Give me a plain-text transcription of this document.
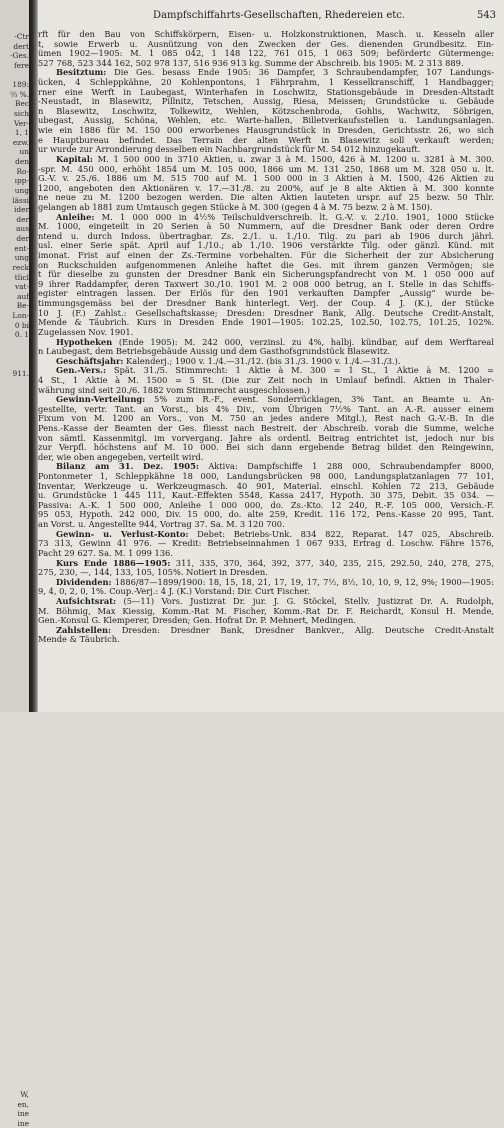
-Ctr
dert
-Ges.
fere
189:
⅔ %.
Bec
sich
Ver-
1, 1
ezw.
un
den
Ro-
ıpp-
ung
lässi
ider
der
aus
der
ent-
ung
reck
tlicl
vat-
auf
Be-
Lon-
0 bi
0. 1
911.
W,
en,
ine
ine
Dampfschiffahrts-Gesellschaften, Rhedereien etc.	543
rft für den Bau von Schiffskörpern, Eisen- u. Holzkonstruktionen, Masch. u. Kesseln aller
t, sowie Erwerb u. Ausnützung von den Zwecken der Ges. dienenden Grundbesitz. Ein-
ümen 1902—1905: M. 1 085 042, 1 148 122, 761 015, 1 063 509; befördertc Gütermenge:
527 768, 523 344 162, 502 978 137, 516 936 913 kg. Summe der Abschreib. bis 1905: M. 2 313 889.
Besitztum: Die Ges. besass Ende 1905: 36 Dampfer, 3 Schraubendampfer, 107 Landungs-
ücken, 4 Schleppkähne, 20 Kohlenpontons, 1 Fährprahm, 1 Kesselkranschiff, 1 Handbagger;
rner eine Werft in Laubegast, Winterhafen in Loschwitz, Stationsgebäude in Dresden-Altstadt
-Neustadt, in Blasewitz, Pillnitz, Tetschen, Aussig, Riesa, Meissen; Grundstücke u. Gebäude
n Blasewitz, Loschwitz, Tolkewitz, Wehlen, Kötzschenbroda, Gohlis, Wachwitz, Söbrigen,
ubegast, Aussig, Schöna, Wehlen, etc. Warte-hallen, Billetverkaufsstellen u. Landungsanlagen.
wie ein 1886 für M. 150 000 erworbenes Hausgrundstück in Dresden, Gerichtsstr. 26, wo sich
e Hauptbureau befindet. Das Terrain der alten Werft in Blasewitz soll verkauft werden;
ur wurde zur Arrondierung desselben ein Nachbargrundstück für M. 54 012 hinzugekauft.
Kapital: M. 1 500 000 in 3710 Aktien, u. zwar 3 à M. 1500, 426 à M. 1200 u. 3281 à M. 300.
-spr. M. 450 000, erhöht 1854 um M. 105 000, 1866 um M. 131 250, 1868 um M. 328 050 u. lt.
G.-V. v. 25./6. 1886 um M. 515 700 auf M. 1 500 000 in 3 Aktien à M. 1500, 426 Aktien zu
1200, angeboten den Aktionären v. 17.—31./8. zu 200%, auf je 8 alte Aktien à M. 300 konnte
ne neue zu M. 1200 bezogen werden. Die alten Aktien lauteten urspr. auf 25 bezw. 50 Thlr.
gelangen ab 1881 zum Umtausch gegen Stücke à M. 300 (gegen 4 à M. 75 bezw. 2 à M. 150).
Anleihe: M. 1 000 000 in 4½% Teilschuldverschreib. lt. G.-V. v. 2./10. 1901, 1000 Stücke
M. 1000, eingeteilt in 20 Serien à 50 Nummern, auf die Dresdner Bank oder deren Ordre
ntend u. durch Indoss. übertragbar. Zs. 2./1. u. 1./10. Tilg. zu pari ab 1906 durch jährl.
usl. einer Serie spät. April auf 1./10.; ab 1./10. 1906 verstärkte Tilg. oder gänzl. Künd. mit
imonat. Frist auf einen der Zs.-Termine vorbehalten. Für die Sicherheit der zur Absicherung
on Ruckschulden aufgenommenen Anleihe haftet die Ges. mit ihrem ganzen Vermögen; sie
t für dieselbe zu gunsten der Dresdner Bank ein Sicherungspfandrecht von M. 1 050 000 auf
9 ihrer Raddampfer, deren Taxwert 30./10. 1901 M. 2 008 000 betrug, an I. Stelle in das Schiffs-
egister eintragen lassen. Der Erlös für den 1901 verkauften Dampfer „Aussig“ wurde be-
timmungsgemäss bei der Dresdner Bank hinterlegt. Verj. der Coup. 4 J. (K.), der Stücke
10 J. (F.) Zahlst.: Gesellschaftskasse; Dresden: Dresdner Bank, Allg. Deutsche Credit-Anstalt,
Mende & Täubrich. Kurs in Dresden Ende 1901—1905: 102.25, 102.50, 102.75, 101.25, 102%.
Zugelassen Nov. 1901.
Hypotheken (Ende 1905): M. 242 000, verzinsl. zu 4%, halbj. kündbar, auf dem Werftareal
n Laubegast, dem Betriebsgebäude Aussig und dem Gasthofsgrundstück Blasewitz.
Geschäftsjahr: Kalenderj.; 1900 v. 1./4.—31./12. (bis 31./3. 1900 v. 1./4.—31./3.).
Gen.-Vers.: Spät. 31./5. Stimmrecht: 1 Aktie à M. 300 = 1 St., 1 Aktie à M. 1200 =
4 St., 1 Aktie à M. 1500 = 5 St. (Die zur Zeit noch in Umlauf befindl. Aktien in Thaler-
währung sind seit 20./6. 1882 vom Stimmrecht ausgeschlossen.)
Gewinn-Verteilung: 5% zum R.-F., event. Sonderrücklagen, 3% Tant. an Beamte u. An-
gestellte, vertr. Tant. an Vorst., bis 4% Div., vom Übrigen 7½% Tant. an A.-R. ausser einem
Fixum von M. 1200 an Vors., von M. 750 an jedes andere Mitgl.), Rest nach G.-V.-B. In die
Pens.-Kasse der Beamten der Ges. fliesst nach Bestreit. der Abschreib. vorab die Summe, welche
von sämtl. Kassenmitgl. im vorvergang. Jahre als ordentl. Beitrag entrichtet ist, jedoch nur bis
zur Verpfl. höchstens auf M. 10 000. Bei sich dann ergebende Betrag bildet den Reingewinn,
der, wie oben angegeben, verteilt wird.
Bilanz am 31. Dez. 1905: Aktiva: Dampfschiffe 1 288 000, Schraubendampfer 8000,
Pontonmeter 1, Schleppkähne 18 000, Landungsbrücken 98 000, Landungsplatzanlagen 77 101,
Inventar, Werkzeuge u. Werkzeugmasch. 40 901, Material. einschl. Kohlen 72 213, Gebäude
u. Grundstücke 1 445 111, Kaut.-Effekten 5548, Kassa 2417, Hypoth. 30 375, Debit. 35 034. —
Passiva: A.-K. 1 500 000, Anleihe 1 000 000, do. Zs.-Kto. 12 240, R.-F. 105 000, Versich.-F.
95 053, Hypoth. 242 000, Div. 15 000, do. alte 259, Kredit. 116 172, Pens.-Kasse 20 995, Tant.
an Vorst. u. Angestellte 944, Vortrag 37. Sa. M. 3 120 700.
Gewinn- u. Verlust-Konto: Debet: Betriebs-Unk. 834 822, Reparat. 147 025, Abschreib.
73 313, Gewinn 41 976. — Kredit: Betriebseinnahmen 1 067 933, Ertrag d. Loschw. Fähre 1576,
Pacht 29 627. Sa. M. 1 099 136.
Kurs Ende 1886—1905: 311, 335, 370, 364, 392, 377, 340, 235, 215, 292.50, 240, 278, 275,
275, 230, —, 144, 133, 105, 105%. Notiert in Dresden.
Dividenden: 1886/87—1899/1900: 18, 15, 18, 21, 17, 19, 17, 7½, 8½, 10, 10, 9, 12, 9%; 1900—1905:
9, 4, 0, 2, 0, 1%. Coup.-Verj.: 4 J. (K.) Vorstand: Dir. Curt Fischer.
Aufsichtsrat: (5—11) Vors. Justizrat Dr. jur. J. G. Stöckel, Stellv. Justizrat Dr. A. Rudolph,
M. Böhmig, Max Kiessig, Komm.-Rat M. Fischer, Komm.-Rat Dr. F. Reichardt, Konsul H. Mende,
Gen.-Konsul G. Klemperer, Dresden; Gen. Hofrat Dr. P. Mehnert, Medingen.
Zahlstellen: Dresden: Dresdner Bank, Dresdner Bankver., Allg. Deutsche Credit-Anstalt
Mende & Täubrich.
